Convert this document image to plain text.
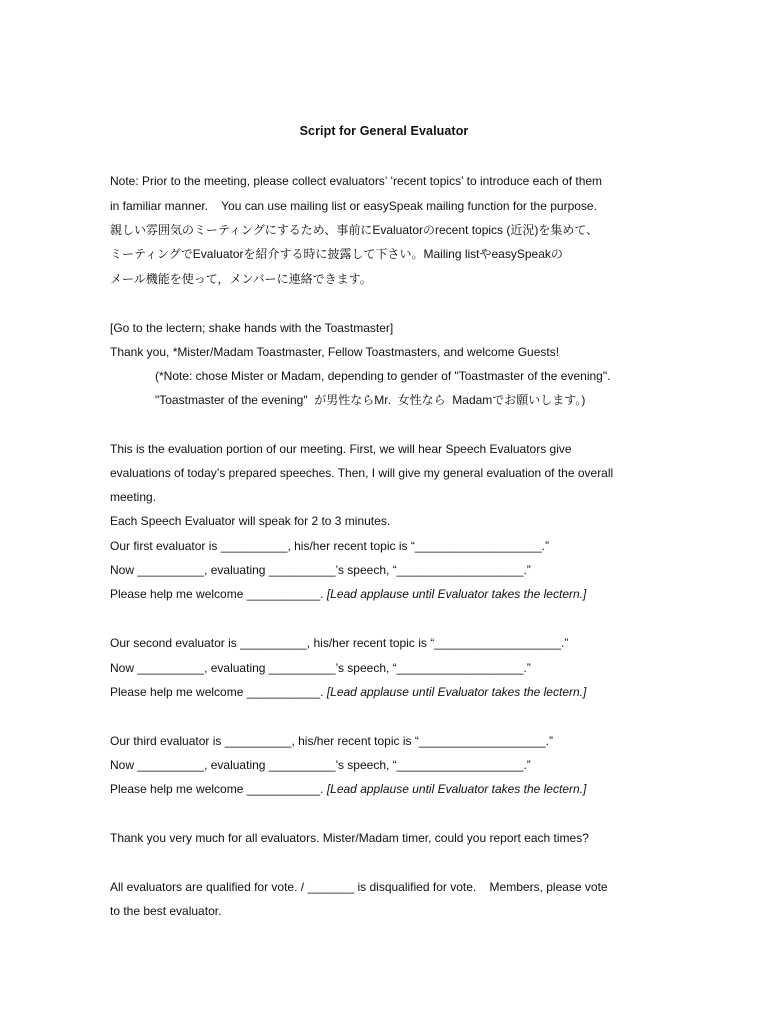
Script for General Evaluator
Note: Prior to the meeting, please collect evaluators’ ‘recent topics’ to introduce each of them
in familiar manner.    You can use mailing list or easySpeak mailing function for the purpose.
親しい雰囲気のミーティングにするため、事前にEvaluatorのrecent topics (近況)を集めて、
ミーティングでEvaluatorを紹介する時に披露して下さい。Mailing listやeasySpeakの
メール機能を使って，メンバーに連絡できます。
[Go to the lectern; shake hands with the Toastmaster]
Thank you, *Mister/Madam Toastmaster, Fellow Toastmasters, and welcome Guests!
(*Note: chose Mister or Madam, depending to gender of "Toastmaster of the evening".
"Toastmaster of the evening"  が男性ならMr.  女性なら  Madamでお願いします。)
This is the evaluation portion of our meeting. First, we will hear Speech Evaluators give
evaluations of today’s prepared speeches. Then, I will give my general evaluation of the overall
meeting.
Each Speech Evaluator will speak for 2 to 3 minutes.
Our first evaluator is __________, his/her recent topic is “___________________.”
Now __________, evaluating __________’s speech, “___________________.”
Please help me welcome ___________. [Lead applause until Evaluator takes the lectern.]
Our second evaluator is __________, his/her recent topic is “___________________.”
Now __________, evaluating __________’s speech, “___________________.”
Please help me welcome ___________. [Lead applause until Evaluator takes the lectern.]
Our third evaluator is __________, his/her recent topic is “___________________.”
Now __________, evaluating __________’s speech, “___________________.”
Please help me welcome ___________. [Lead applause until Evaluator takes the lectern.]
Thank you very much for all evaluators. Mister/Madam timer, could you report each times?
All evaluators are qualified for vote. / _______ is disqualified for vote.    Members, please vote
to the best evaluator.
